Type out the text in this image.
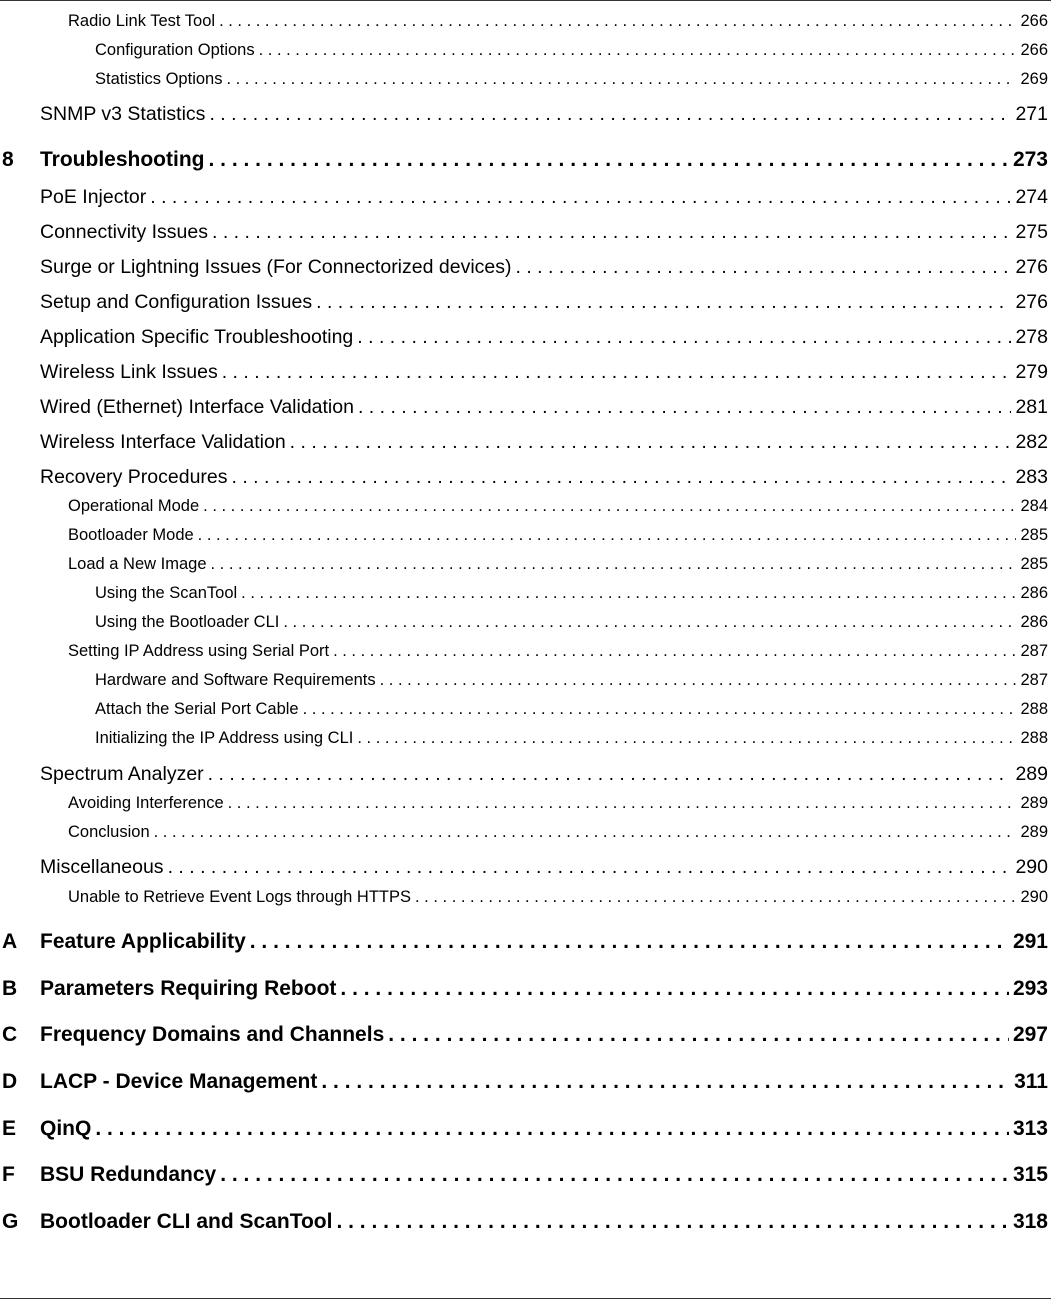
Radio Link Test Tool . . .	266
Configuration Options . . .	266
Statistics Options . . .	269
SNMP v3 Statistics . . .	271
8 Troubleshooting . . .	273
PoE Injector . . .	274
Connectivity Issues . . .	275
Surge or Lightning Issues (For Connectorized devices) . . .	276
Setup and Configuration Issues . . .	276
Application Specific Troubleshooting . . .	278
Wireless Link Issues . . .	279
Wired (Ethernet) Interface Validation . . .	281
Wireless Interface Validation . . .	282
Recovery Procedures . . .	283
Operational Mode . . .	284
Bootloader Mode . . .	285
Load a New Image . . .	285
Using the ScanTool . . .	286
Using the Bootloader CLI . . .	286
Setting IP Address using Serial Port . . .	287
Hardware and Software Requirements . . .	287
Attach the Serial Port Cable . . .	288
Initializing the IP Address using CLI . . .	288
Spectrum Analyzer . . .	289
Avoiding Interference . . .	289
Conclusion . . .	289
Miscellaneous . . .	290
Unable to Retrieve Event Logs through HTTPS . . .	290
A Feature Applicability . . .	291
B Parameters Requiring Reboot . . .	293
C Frequency Domains and Channels . . .	297
D LACP - Device Management . . .	311
E QinQ . . .	313
F BSU Redundancy . . .	315
G Bootloader CLI and ScanTool . . .	318
